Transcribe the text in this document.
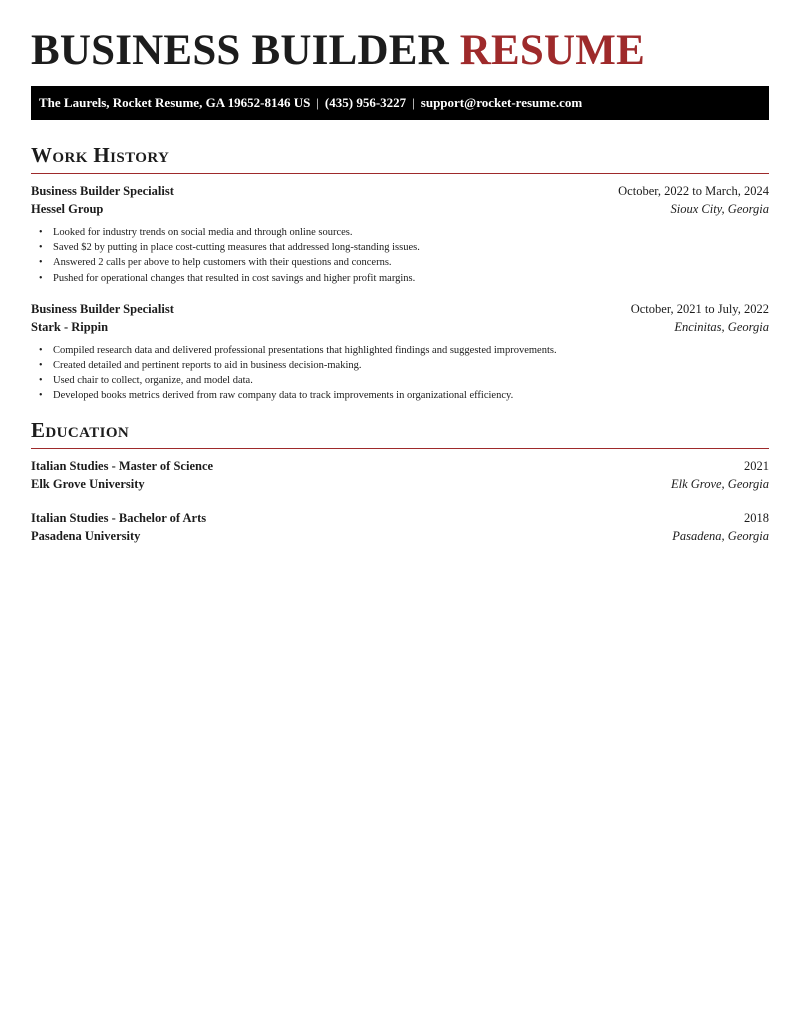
BUSINESS BUILDER RESUME
The Laurels, Rocket Resume, GA 19652-8146 US | (435) 956-3227 | support@rocket-resume.com
Work History
Business Builder Specialist	October, 2022 to March, 2024
Hessel Group	Sioux City, Georgia
• Looked for industry trends on social media and through online sources.
• Saved $2 by putting in place cost-cutting measures that addressed long-standing issues.
• Answered 2 calls per above to help customers with their questions and concerns.
• Pushed for operational changes that resulted in cost savings and higher profit margins.
Business Builder Specialist	October, 2021 to July, 2022
Stark - Rippin	Encinitas, Georgia
• Compiled research data and delivered professional presentations that highlighted findings and suggested improvements.
• Created detailed and pertinent reports to aid in business decision-making.
• Used chair to collect, organize, and model data.
• Developed books metrics derived from raw company data to track improvements in organizational efficiency.
Education
Italian Studies - Master of Science	2021
Elk Grove University	Elk Grove, Georgia
Italian Studies - Bachelor of Arts	2018
Pasadena University	Pasadena, Georgia
